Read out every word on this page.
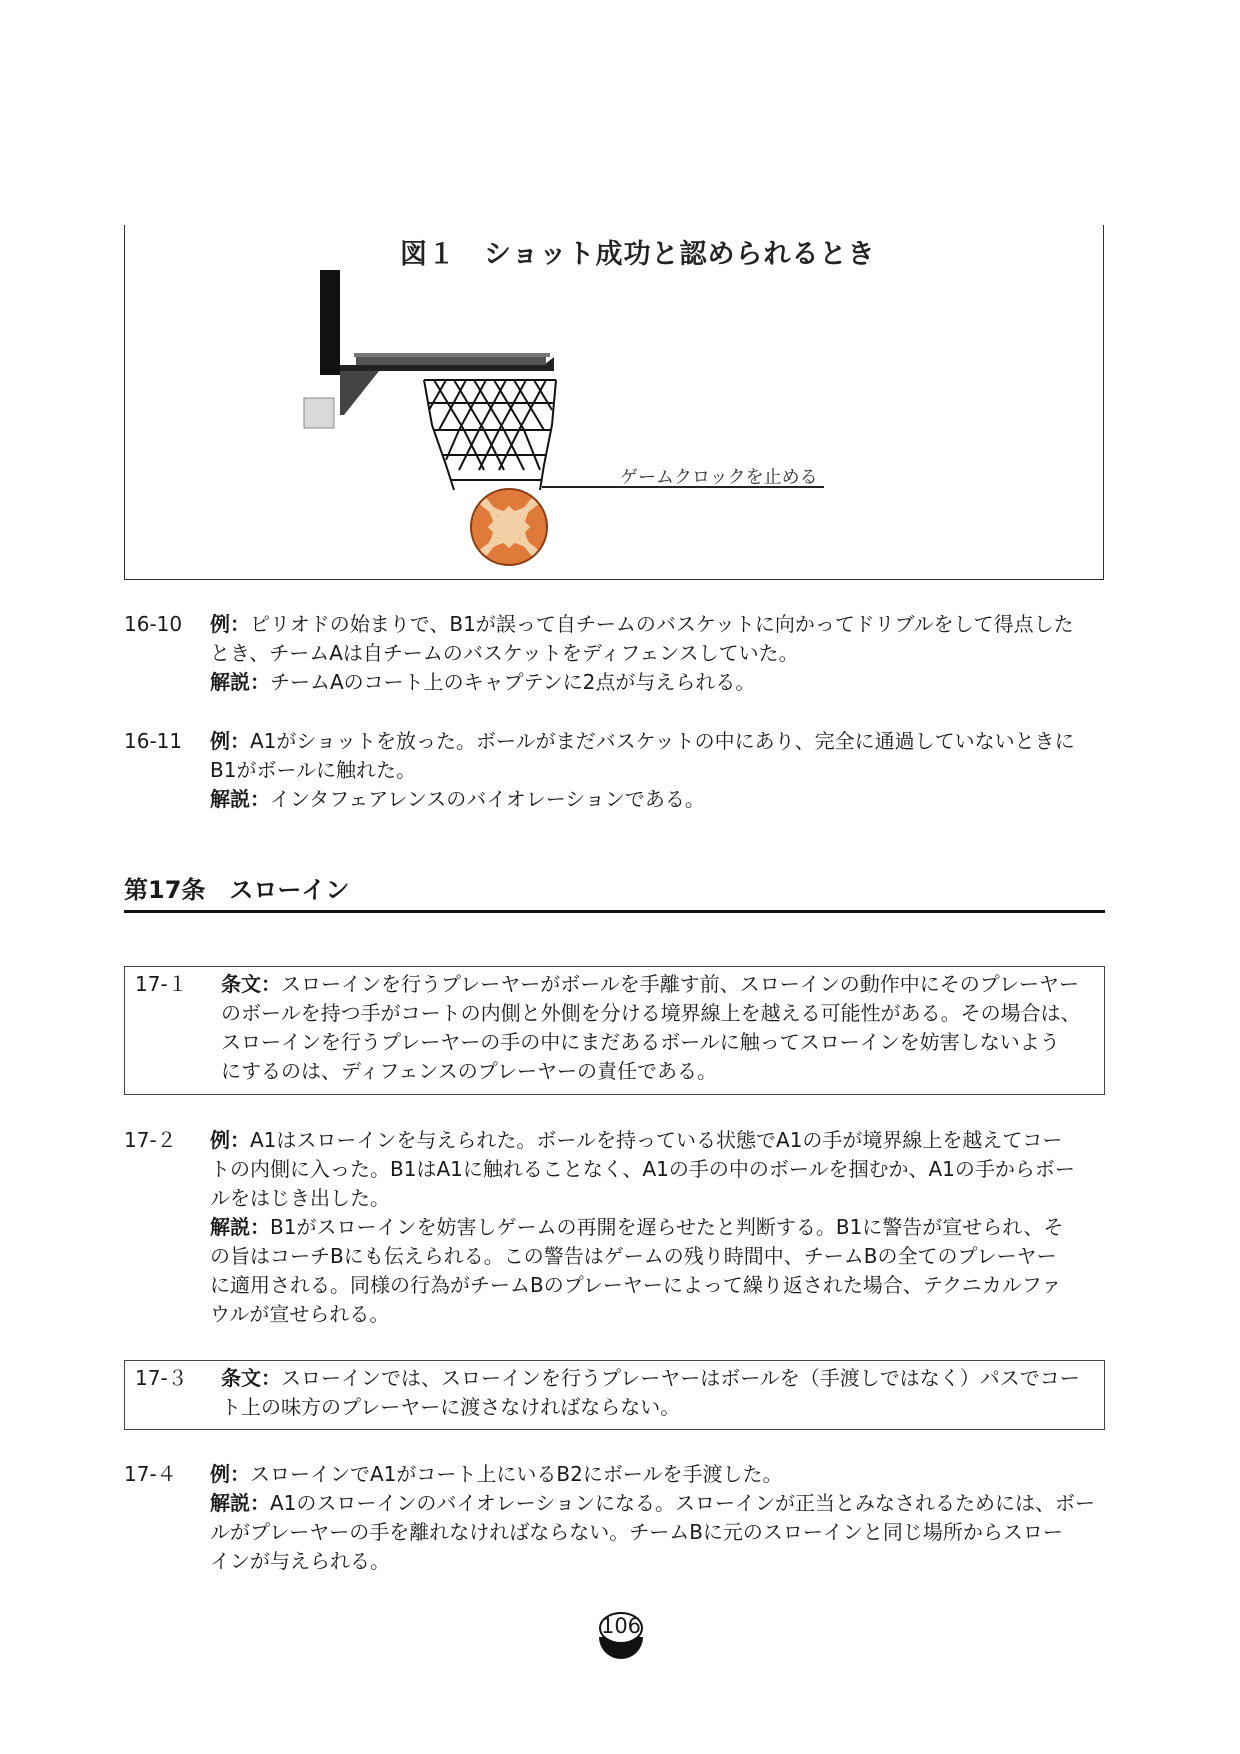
図１　ショット成功と認められるとき
ゲームクロックを止める
16-10 例：ピリオドの始まりで、B1が誤って自チームのバスケットに向かってドリブルをして得点した
とき、チームAは自チームのバスケットをディフェンスしていた。
解説：チームAのコート上のキャプテンに2点が与えられる。
16-11 例：A1がショットを放った。ボールがまだバスケットの中にあり、完全に通過していないときに
B1がボールに触れた。
解説：インタフェアレンスのバイオレーションである。
第17条　スローイン
17-１ 条文：スローインを行うプレーヤーがボールを手離す前、スローインの動作中にそのプレーヤー
のボールを持つ手がコートの内側と外側を分ける境界線上を越える可能性がある。その場合は、
スローインを行うプレーヤーの手の中にまだあるボールに触ってスローインを妨害しないよう
にするのは、ディフェンスのプレーヤーの責任である。
17-２ 例：A1はスローインを与えられた。ボールを持っている状態でA1の手が境界線上を越えてコー
トの内側に入った。B1はA1に触れることなく、A1の手の中のボールを掴むか、A1の手からボー
ルをはじき出した。
解説：B1がスローインを妨害しゲームの再開を遅らせたと判断する。B1に警告が宣せられ、そ
の旨はコーチBにも伝えられる。この警告はゲームの残り時間中、チームBの全てのプレーヤー
に適用される。同様の行為がチームBのプレーヤーによって繰り返された場合、テクニカルファ
ウルが宣せられる。
17-３ 条文：スローインでは、スローインを行うプレーヤーはボールを（手渡しではなく）パスでコー
ト上の味方のプレーヤーに渡さなければならない。
17-４ 例：スローインでA1がコート上にいるB2にボールを手渡した。
解説：A1のスローインのバイオレーションになる。スローインが正当とみなされるためには、ボー
ルがプレーヤーの手を離れなければならない。チームBに元のスローインと同じ場所からスロー
インが与えられる。
106
